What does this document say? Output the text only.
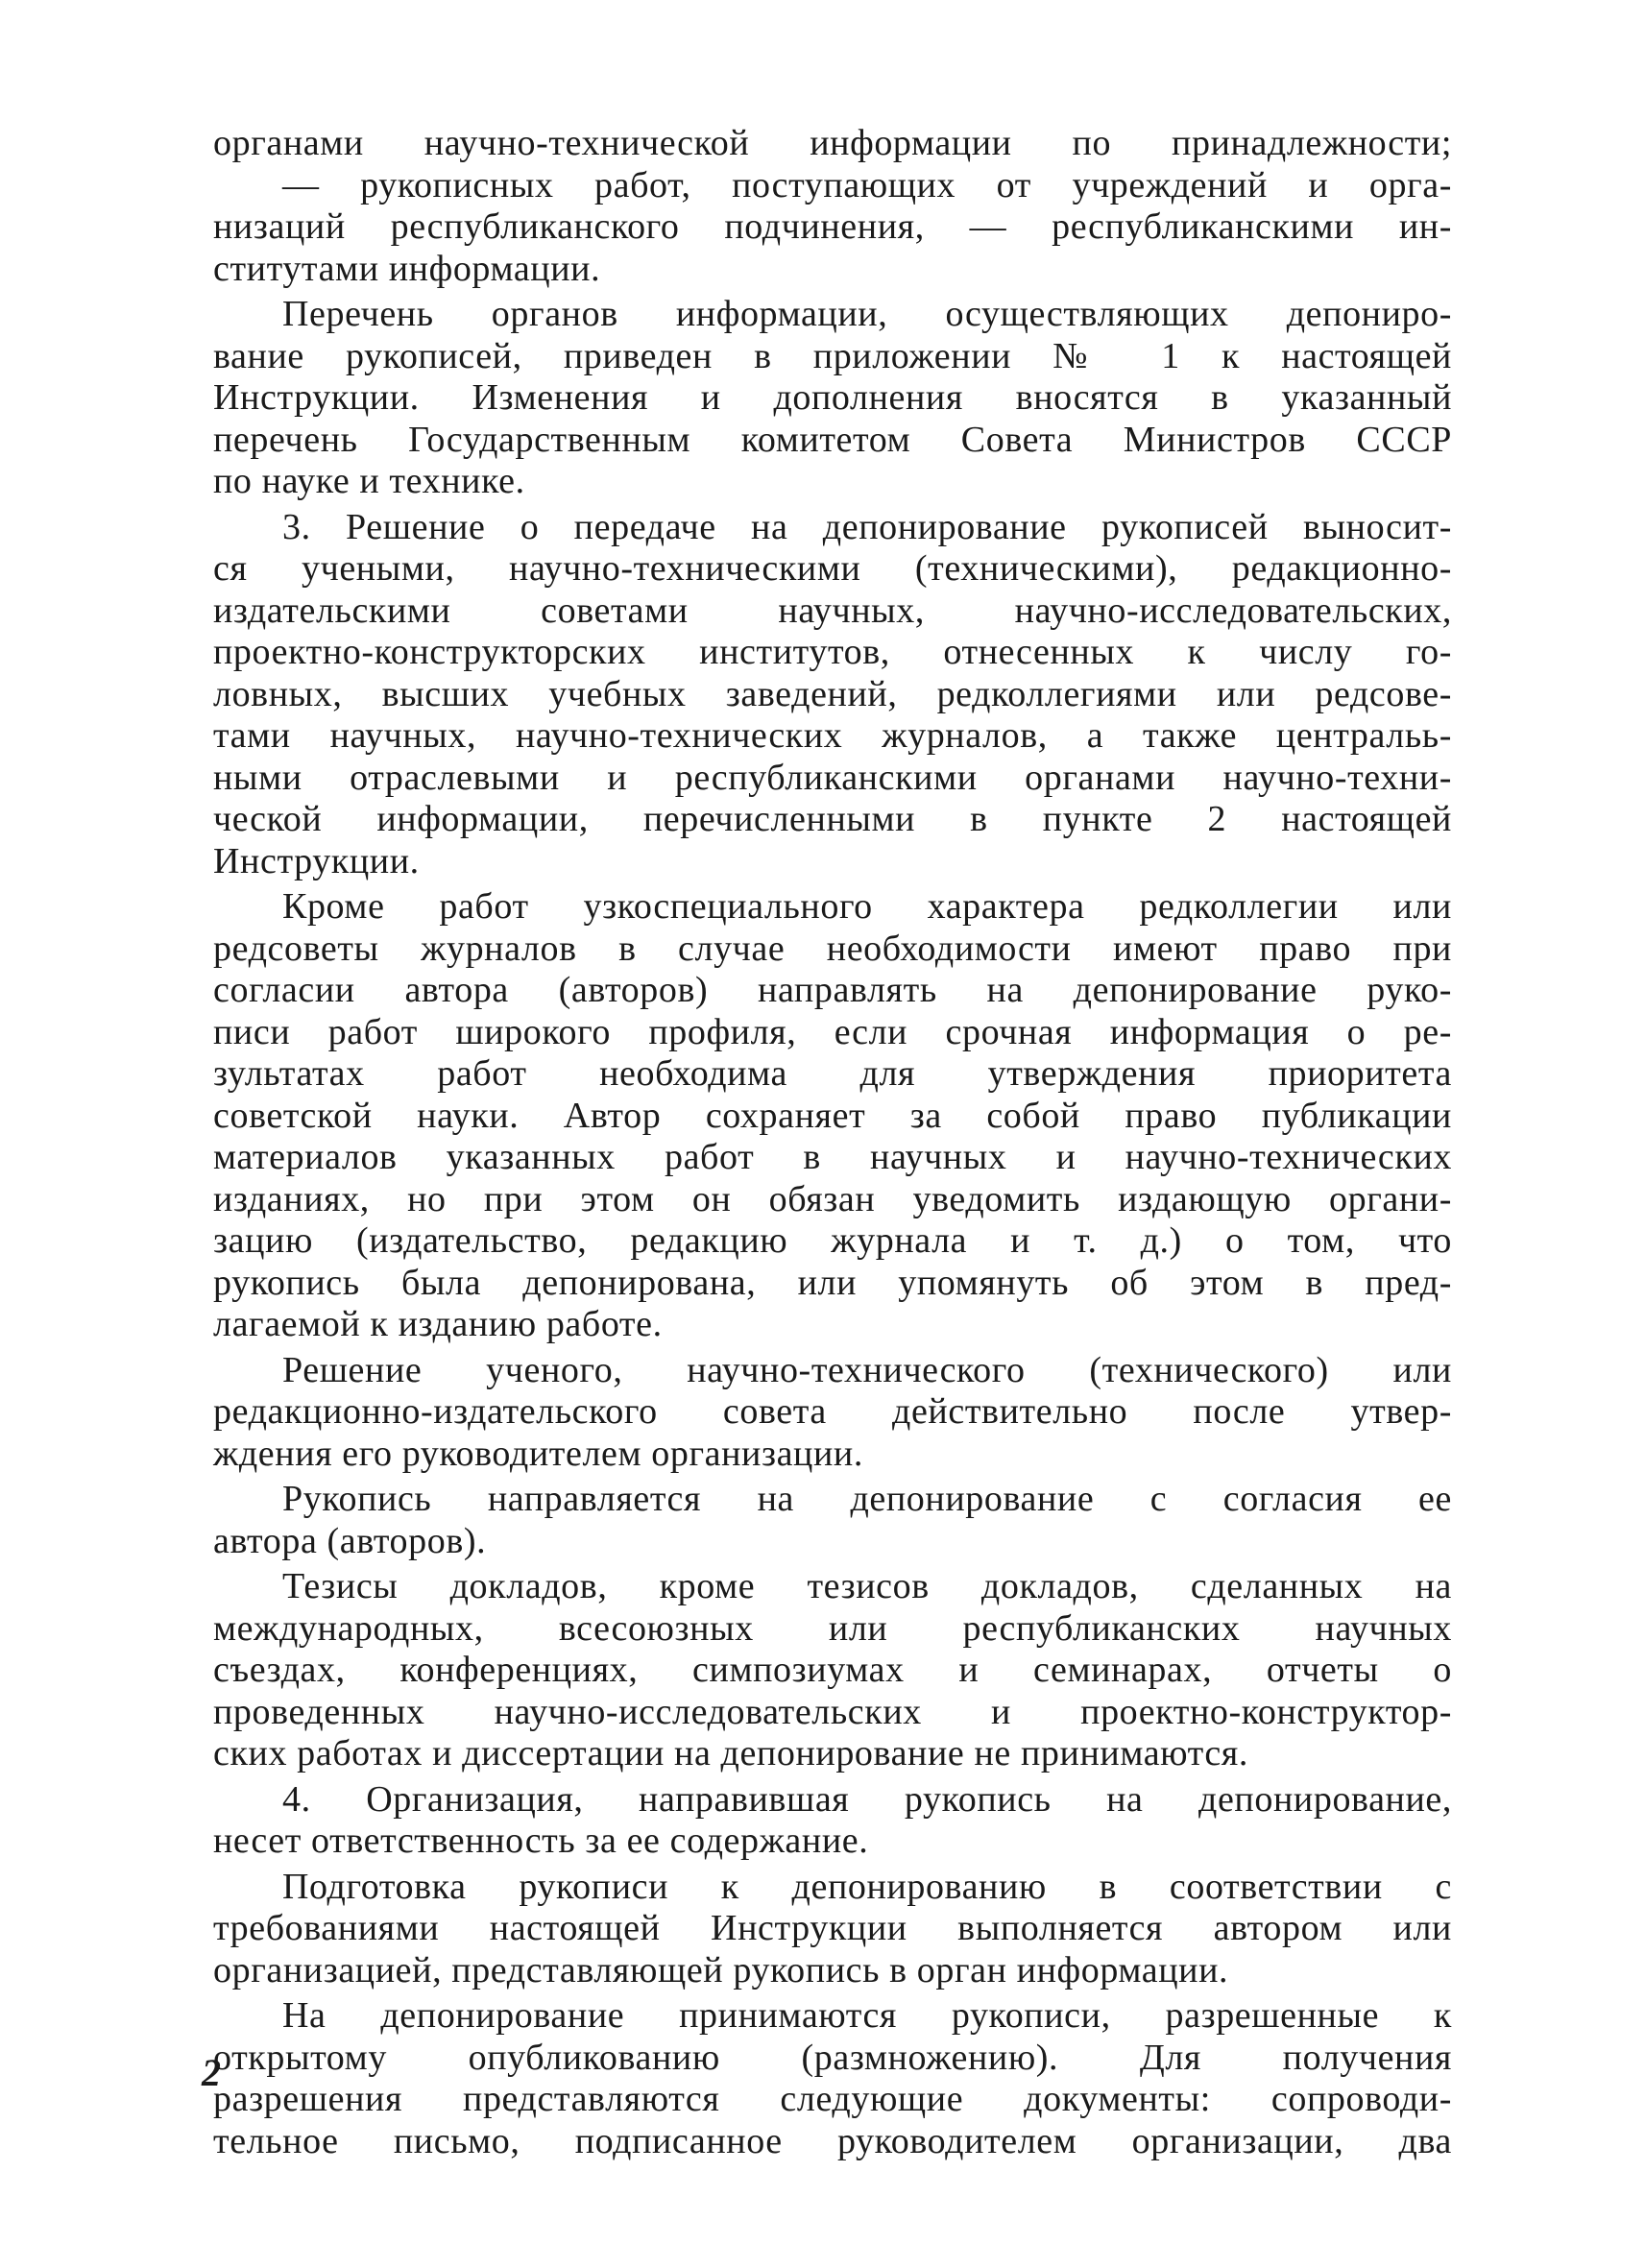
органами научно-технической информации по принадлежности;
— рукописных работ, поступающих от учреждений и орга-
низаций республиканского подчинения, — республиканскими ин-
ститутами информации.
Перечень органов информации, осуществляющих депониро-
вание рукописей, приведен в приложении № 1 к настоящей
Инструкции. Изменения и дополнения вносятся в указанный
перечень Государственным комитетом Совета Министров СССР
по науке и технике.
3. Решение о передаче на депонирование рукописей выносит-
ся учеными, научно-техническими (техническими), редакционно-
издательскими советами научных, научно-исследовательских,
проектно-конструкторских институтов, отнесенных к числу го-
ловных, высших учебных заведений, редколлегиями или редсове-
тами научных, научно-технических журналов, а также центральь-
ными отраслевыми и республиканскими органами научно-техни-
ческой информации, перечисленными в пункте 2 настоящей
Инструкции.
Кроме работ узкоспециального характера редколлегии или
редсоветы журналов в случае необходимости имеют право при
согласии автора (авторов) направлять на депонирование руко-
писи работ широкого профиля, если срочная информация о ре-
зультатах работ необходима для утверждения приоритета
советской науки. Автор сохраняет за собой право публикации
материалов указанных работ в научных и научно-технических
изданиях, но при этом он обязан уведомить издающую органи-
зацию (издательство, редакцию журнала и т. д.) о том, что
рукопись была депонирована, или упомянуть об этом в пред-
лагаемой к изданию работе.
Решение ученого, научно-технического (технического) или
редакционно-издательского совета действительно после утвер-
ждения его руководителем организации.
Рукопись направляется на депонирование с согласия ее
автора (авторов).
Тезисы докладов, кроме тезисов докладов, сделанных на
международных, всесоюзных или республиканских научных
съездах, конференциях, симпозиумах и семинарах, отчеты о
проведенных научно-исследовательских и проектно-конструктор-
ских работах и диссертации на депонирование не принимаются.
4. Организация, направившая рукопись на депонирование,
несет ответственность за ее содержание.
Подготовка рукописи к депонированию в соответствии с
требованиями настоящей Инструкции выполняется автором или
организацией, представляющей рукопись в орган информации.
На депонирование принимаются рукописи, разрешенные к
открытому опубликованию (размножению). Для получения
разрешения представляются следующие документы: сопроводи-
тельное письмо, подписанное руководителем организации, два
2
